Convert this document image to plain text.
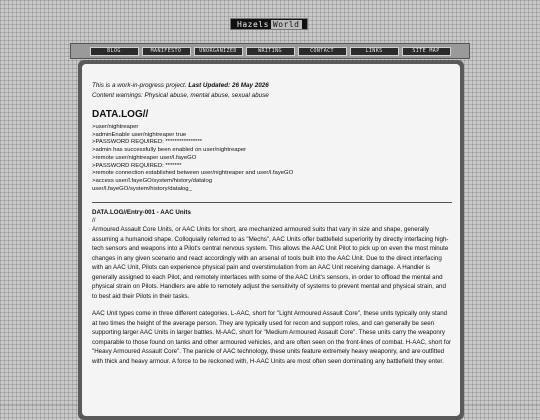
Hazels World
BLOG	MANIFESTO	UNORGANIZED	WRITING	CONTACT	LINKS	SITE MAP
This is a work-in-progress project. Last Updated: 26 May 2026
Content warnings: Physical abuse, mental abuse, sexual abuse
DATA.LOG//
>user/nightreaper
>adminEnable user/nightreaper true
>PASSWORD REQUIRED: ****************
>admin has successfully been enabled on user/nightreaper
>remote user/nightreaper user/l.fayeGO
>PASSWORD REQUIRED: *******
>remote connection established between user/nightreaper and user/l.fayeGO
>access user/l.fayeGO/system/history/datalog
user/l.fayeGO/system/history/datalog_
DATA.LOG//Entry-001 - AAC Units
//

Armoured Assault Core Units, or AAC Units for short, are mechanized armoured suits that vary in size and shape, generally assuming a humanoid shape. Colloquially referred to as "Mechs", AAC Units offer battlefield superiority by directly interfacing high-tech sensors and weapons into a Pilot's central nervous system. This allows the AAC Unit Pilot to pick up on even the most minute changes in any given scenario and react accordingly with an arsenal of tools built into the AAC Unit. Due to the direct interfacing with an AAC Unit, Pilots can experience physical pain and overstimulation from an AAC Unit receiving damage. A Handler is generally assigned to each Pilot, and remotely interfaces with some of the AAC Unit's sensors, in order to offload the mental and physical strain on Pilots. Handlers are able to remotely adjust the sensitivity of systems to prevent mental and physical strain, and to best aid their Pilots in their tasks.

AAC Unit types come in three different categories. L-AAC, short for "Light Armoured Assault Core", these units typically only stand at two times the height of the average person. They are typically used for recon and support roles, and can generally be seen supporting larger AAC Units in larger battles. M-AAC, short for "Medium Armoured Assault Core". These units carry the weaponry comparable to those found on tanks and other armoured vehicles, and are often seen on the front-lines of combat. H-AAC, short for "Heavy Armoured Assault Core". The panicle of AAC technology, these units feature extremely heavy weaponry, and are outfitted with thick and heavy armour. A force to be reckoned with, H-AAC Units are most often seen dominating any battlefield they enter.
